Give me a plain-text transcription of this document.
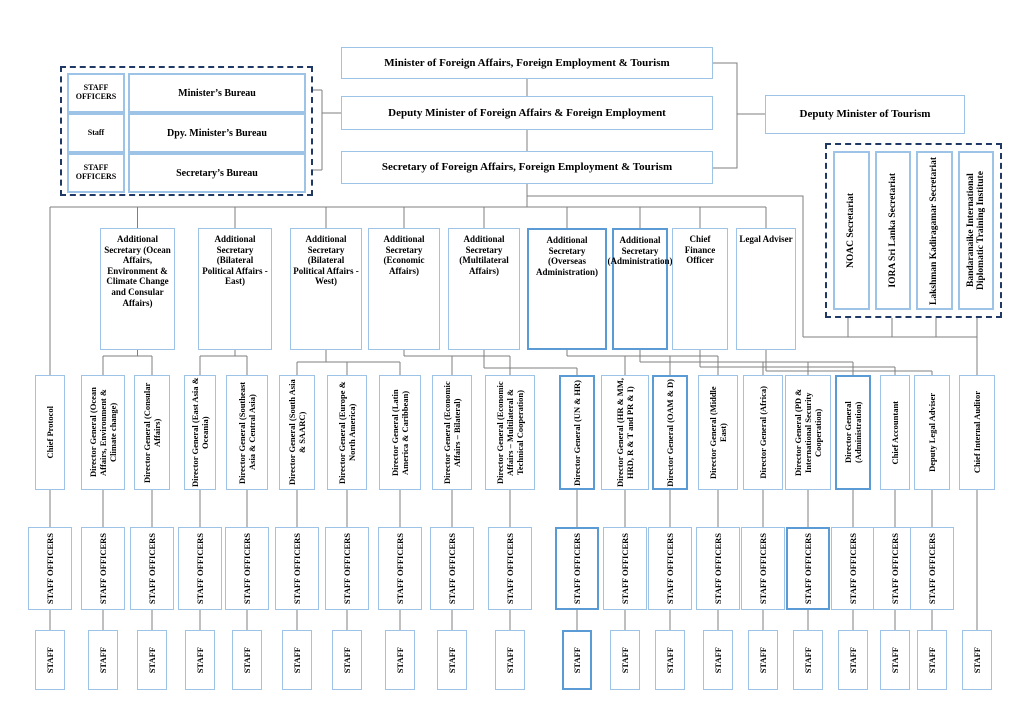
Minister of Foreign Affairs, Foreign Employment & Tourism
Deputy Minister of Foreign Affairs & Foreign Employment
Secretary of Foreign Affairs, Foreign Employment & Tourism
Deputy Minister of Tourism
STAFF OFFICERS	Minister’s Bureau
Staff	Dpy. Minister’s Bureau
STAFF OFFICERS	Secretary’s Bureau
NOAC Secretariat	IORA Sri Lanka Secretariat	Lakshman Kadiragamar Secretariat	Bandaranaike International Diplomatic Training Institute
Additional Secretary (Ocean Affairs, Environment & Climate Change and Consular Affairs)
Additional Secretary (Bilateral Political Affairs - East)
Additional Secretary (Bilateral Political Affairs - West)
Additional Secretary (Economic Affairs)
Additional Secretary (Multilateral Affairs)
Additional Secretary (Overseas Administration)
Additional Secretary (Administration)
Chief Finance Officer
Legal Adviser
Chief Protocol	Director General (Ocean Affairs, Environment & Climate change)	Director General (Consular Affairs)	Director General (East Asia & Oceania)	Director General (Southeast Asia & Central Asia)	Director General (South Asia & SAARC)	Director General (Europe & North America)	Director General (Latin America & Caribbean)	Director General (Economic Affairs – Bilateral)	Director General (Economic Affairs – Multilateral & Technical Cooperation)	Director General (UN & HR)	Director General (HR & MM, HRD, R & T and PR & I)	Director General (OAM & D)	Director General (Middle East)	Director General (Africa)	Director General (PD & International Security Cooperation) Director General (Administration)	Chief Accountant	Deputy Legal Adviser	Chief Internal Auditor
STAFF OFFICERS	STAFF OFFICERS	STAFF OFFICERS	STAFF OFFICERS	STAFF OFFICERS	STAFF OFFICERS	STAFF OFFICERS	STAFF OFFICERS	STAFF OFFICERS	STAFF OFFICERS	STAFF OFFICERS	STAFF OFFICERS	STAFF OFFICERS	STAFF OFFICERS	STAFF OFFICERS	STAFF OFFICERS	STAFF OFFICERS	STAFF OFFICERS	STAFF OFFICERS
STAFF	STAFF	STAFF	STAFF	STAFF	STAFF	STAFF	STAFF	STAFF	STAFF	STAFF	STAFF	STAFF	STAFF	STAFF	STAFF	STAFF	STAFF	STAFF	STAFF
